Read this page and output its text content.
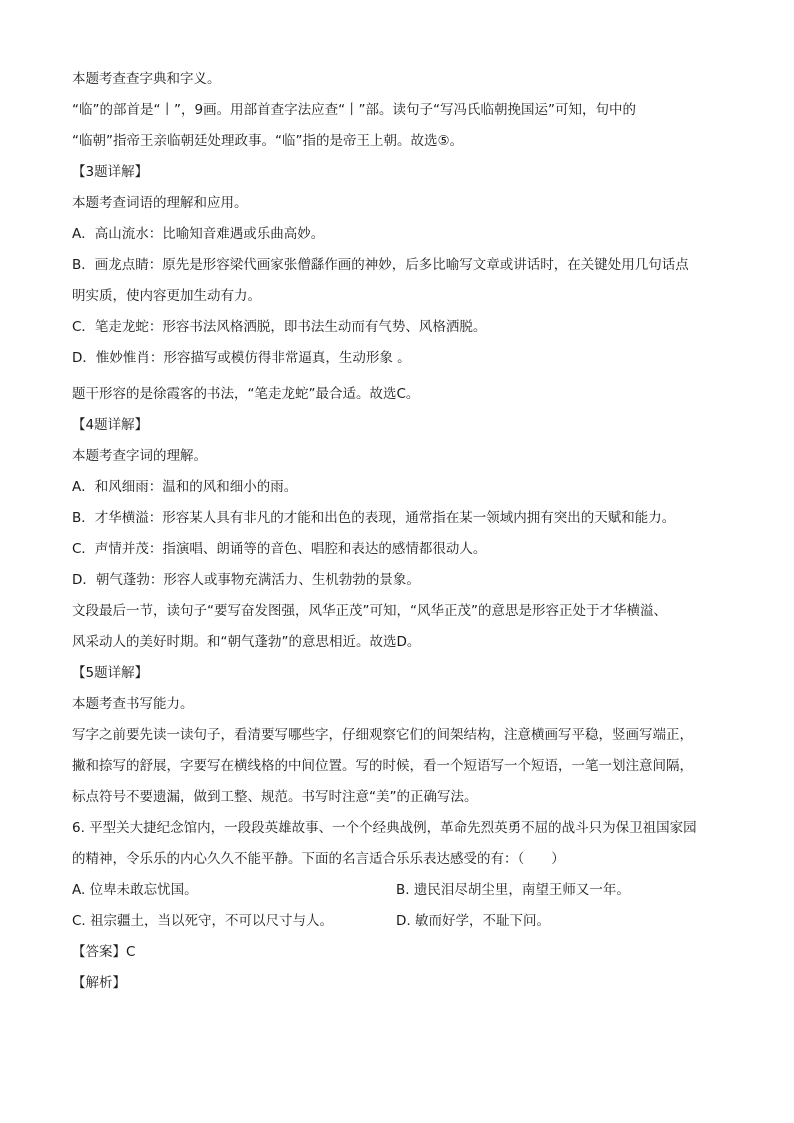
本题考查查字典和字义。
“临”的部首是“丨”，9画。用部首查字法应查“丨”部。读句子“写冯氏临朝挽国运”可知，句中的
“临朝”指帝王亲临朝廷处理政事。“临”指的是帝王上朝。故选⑤。
【3题详解】
本题考查词语的理解和应用。
A．高山流水：比喻知音难遇或乐曲高妙。
B．画龙点睛：原先是形容梁代画家张僧繇作画的神妙，后多比喻写文章或讲话时，在关键处用几句话点
明实质，使内容更加生动有力。
C．笔走龙蛇：形容书法风格洒脱，即书法生动而有气势、风格洒脱。
D．惟妙惟肖：形容描写或模仿得非常逼真，生动形象 。
题干形容的是徐霞客的书法，“笔走龙蛇”最合适。故选C。
【4题详解】
本题考查字词的理解。
A．和风细雨：温和的风和细小的雨。
B．才华横溢：形容某人具有非凡的才能和出色的表现，通常指在某一领域内拥有突出的天赋和能力。
C．声情并茂：指演唱、朗诵等的音色、唱腔和表达的感情都很动人。
D．朝气蓬勃：形容人或事物充满活力、生机勃勃的景象。
文段最后一节，读句子“要写奋发图强，风华正茂”可知，“风华正茂”的意思是形容正处于才华横溢、
风采动人的美好时期。和“朝气蓬勃”的意思相近。故选D。
【5题详解】
本题考查书写能力。
写字之前要先读一读句子，看清要写哪些字，仔细观察它们的间架结构，注意横画写平稳，竖画写端正，
撇和捺写的舒展，字要写在横线格的中间位置。写的时候，看一个短语写一个短语，一笔一划注意间隔，
标点符号不要遗漏，做到工整、规范。书写时注意“美”的正确写法。
6. 平型关大捷纪念馆内，一段段英雄故事、一个个经典战例，革命先烈英勇不屈的战斗只为保卫祖国家园
的精神，令乐乐的内心久久不能平静。下面的名言适合乐乐表达感受的有：（　　）
A. 位卑未敢忘忧国。	B. 遗民泪尽胡尘里，南望王师又一年。
C. 祖宗疆土，当以死守，不可以尺寸与人。	D. 敏而好学，不耻下问。
【答案】C
【解析】
